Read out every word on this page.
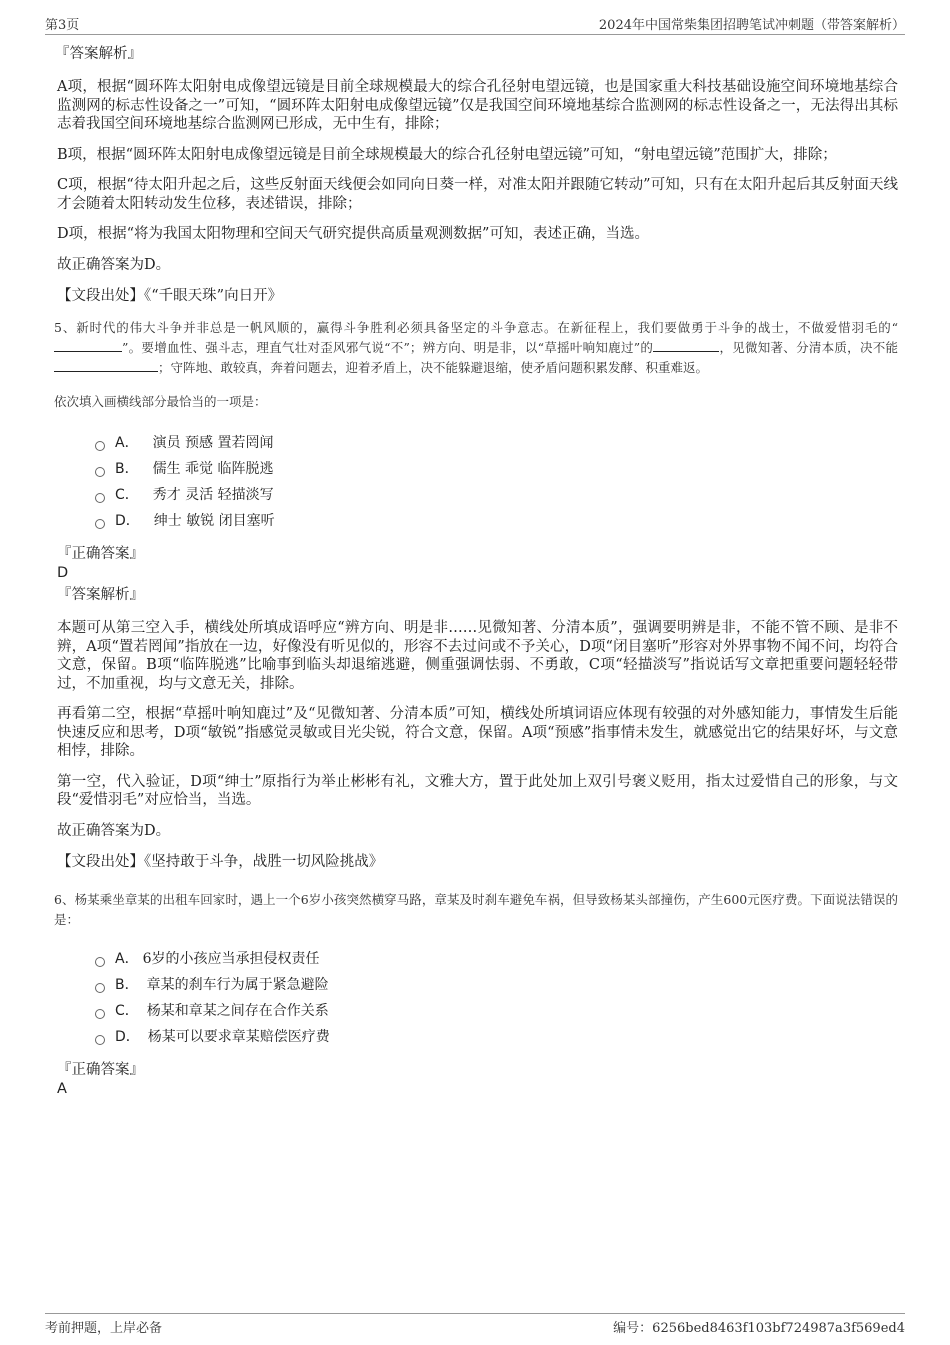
第3页	2024年中国常柴集团招聘笔试冲刺题（带答案解析）
『答案解析』

A项，根据“圆环阵太阳射电成像望远镜是目前全球规模最大的综合孔径射电望远镜，也是国家重大科技基础设施空间环境地基综合监测网的标志性设备之一”可知，“圆环阵太阳射电成像望远镜”仅是我国空间环境地基综合监测网的标志性设备之一，无法得出其标志着我国空间环境地基综合监测网已形成，无中生有，排除；

B项，根据“圆环阵太阳射电成像望远镜是目前全球规模最大的综合孔径射电望远镜”可知，“射电望远镜”范围扩大，排除；

C项，根据“待太阳升起之后，这些反射面天线便会如同向日葵一样，对准太阳并跟随它转动”可知，只有在太阳升起后其反射面天线才会随着太阳转动发生位移，表述错误，排除；

D项，根据“将为我国太阳物理和空间天气研究提供高质量观测数据”可知，表述正确，当选。

故正确答案为D。

【文段出处】《“千眼天珠”向日开》
5、新时代的伟大斗争并非总是一帆风顺的，赢得斗争胜利必须具备坚定的斗争意志。在新征程上，我们要做勇于斗争的战士，不做爱惜羽毛的“”。要增血性、强斗志，理直气壮对歪风邪气说“不”；辨方向、明是非，以“草摇叶响知鹿过”的	，见微知著、分清本质，决不能；守阵地、敢较真，奔着问题去，迎着矛盾上，决不能躲避退缩，使矛盾问题积累发酵、积重难返。
依次填入画横线部分最恰当的一项是：
A． 演员 预感 置若罔闻
B． 儒生 乖觉 临阵脱逃
C． 秀才 灵活 轻描淡写
D． 绅士 敏锐 闭目塞听
『正确答案』
D
『答案解析』

本题可从第三空入手，横线处所填成语呼应“辨方向、明是非……见微知著、分清本质”，强调要明辨是非，不能不管不顾、是非不辨，A项“置若罔闻”指放在一边，好像没有听见似的，形容不去过问或不予关心，D项“闭目塞听”形容对外界事物不闻不问，均符合文意，保留。B项“临阵脱逃”比喻事到临头却退缩逃避，侧重强调怯弱、不勇敢，C项“轻描淡写”指说话写文章把重要问题轻轻带过，不加重视，均与文意无关，排除。

再看第二空，根据“草摇叶响知鹿过”及“见微知著、分清本质”可知，横线处所填词语应体现有较强的对外感知能力，事情发生后能快速反应和思考，D项“敏锐”指感觉灵敏或目光尖锐，符合文意，保留。A项“预感”指事情未发生，就感觉出它的结果好坏，与文意相悖，排除。

第一空，代入验证，D项“绅士”原指行为举止彬彬有礼，文雅大方，置于此处加上双引号褒义贬用，指太过爱惜自己的形象，与文段“爱惜羽毛”对应恰当，当选。

故正确答案为D。

【文段出处】《坚持敢于斗争，战胜一切风险挑战》
6、杨某乘坐章某的出租车回家时，遇上一个6岁小孩突然横穿马路，章某及时刹车避免车祸，但导致杨某头部撞伤，产生600元医疗费。下面说法错误的是：
A． 6岁的小孩应当承担侵权责任
B． 章某的刹车行为属于紧急避险
C． 杨某和章某之间存在合作关系
D． 杨某可以要求章某赔偿医疗费
『正确答案』
A
考前押题，上岸必备	编号：6256bed8463f103bf724987a3f569ed4
